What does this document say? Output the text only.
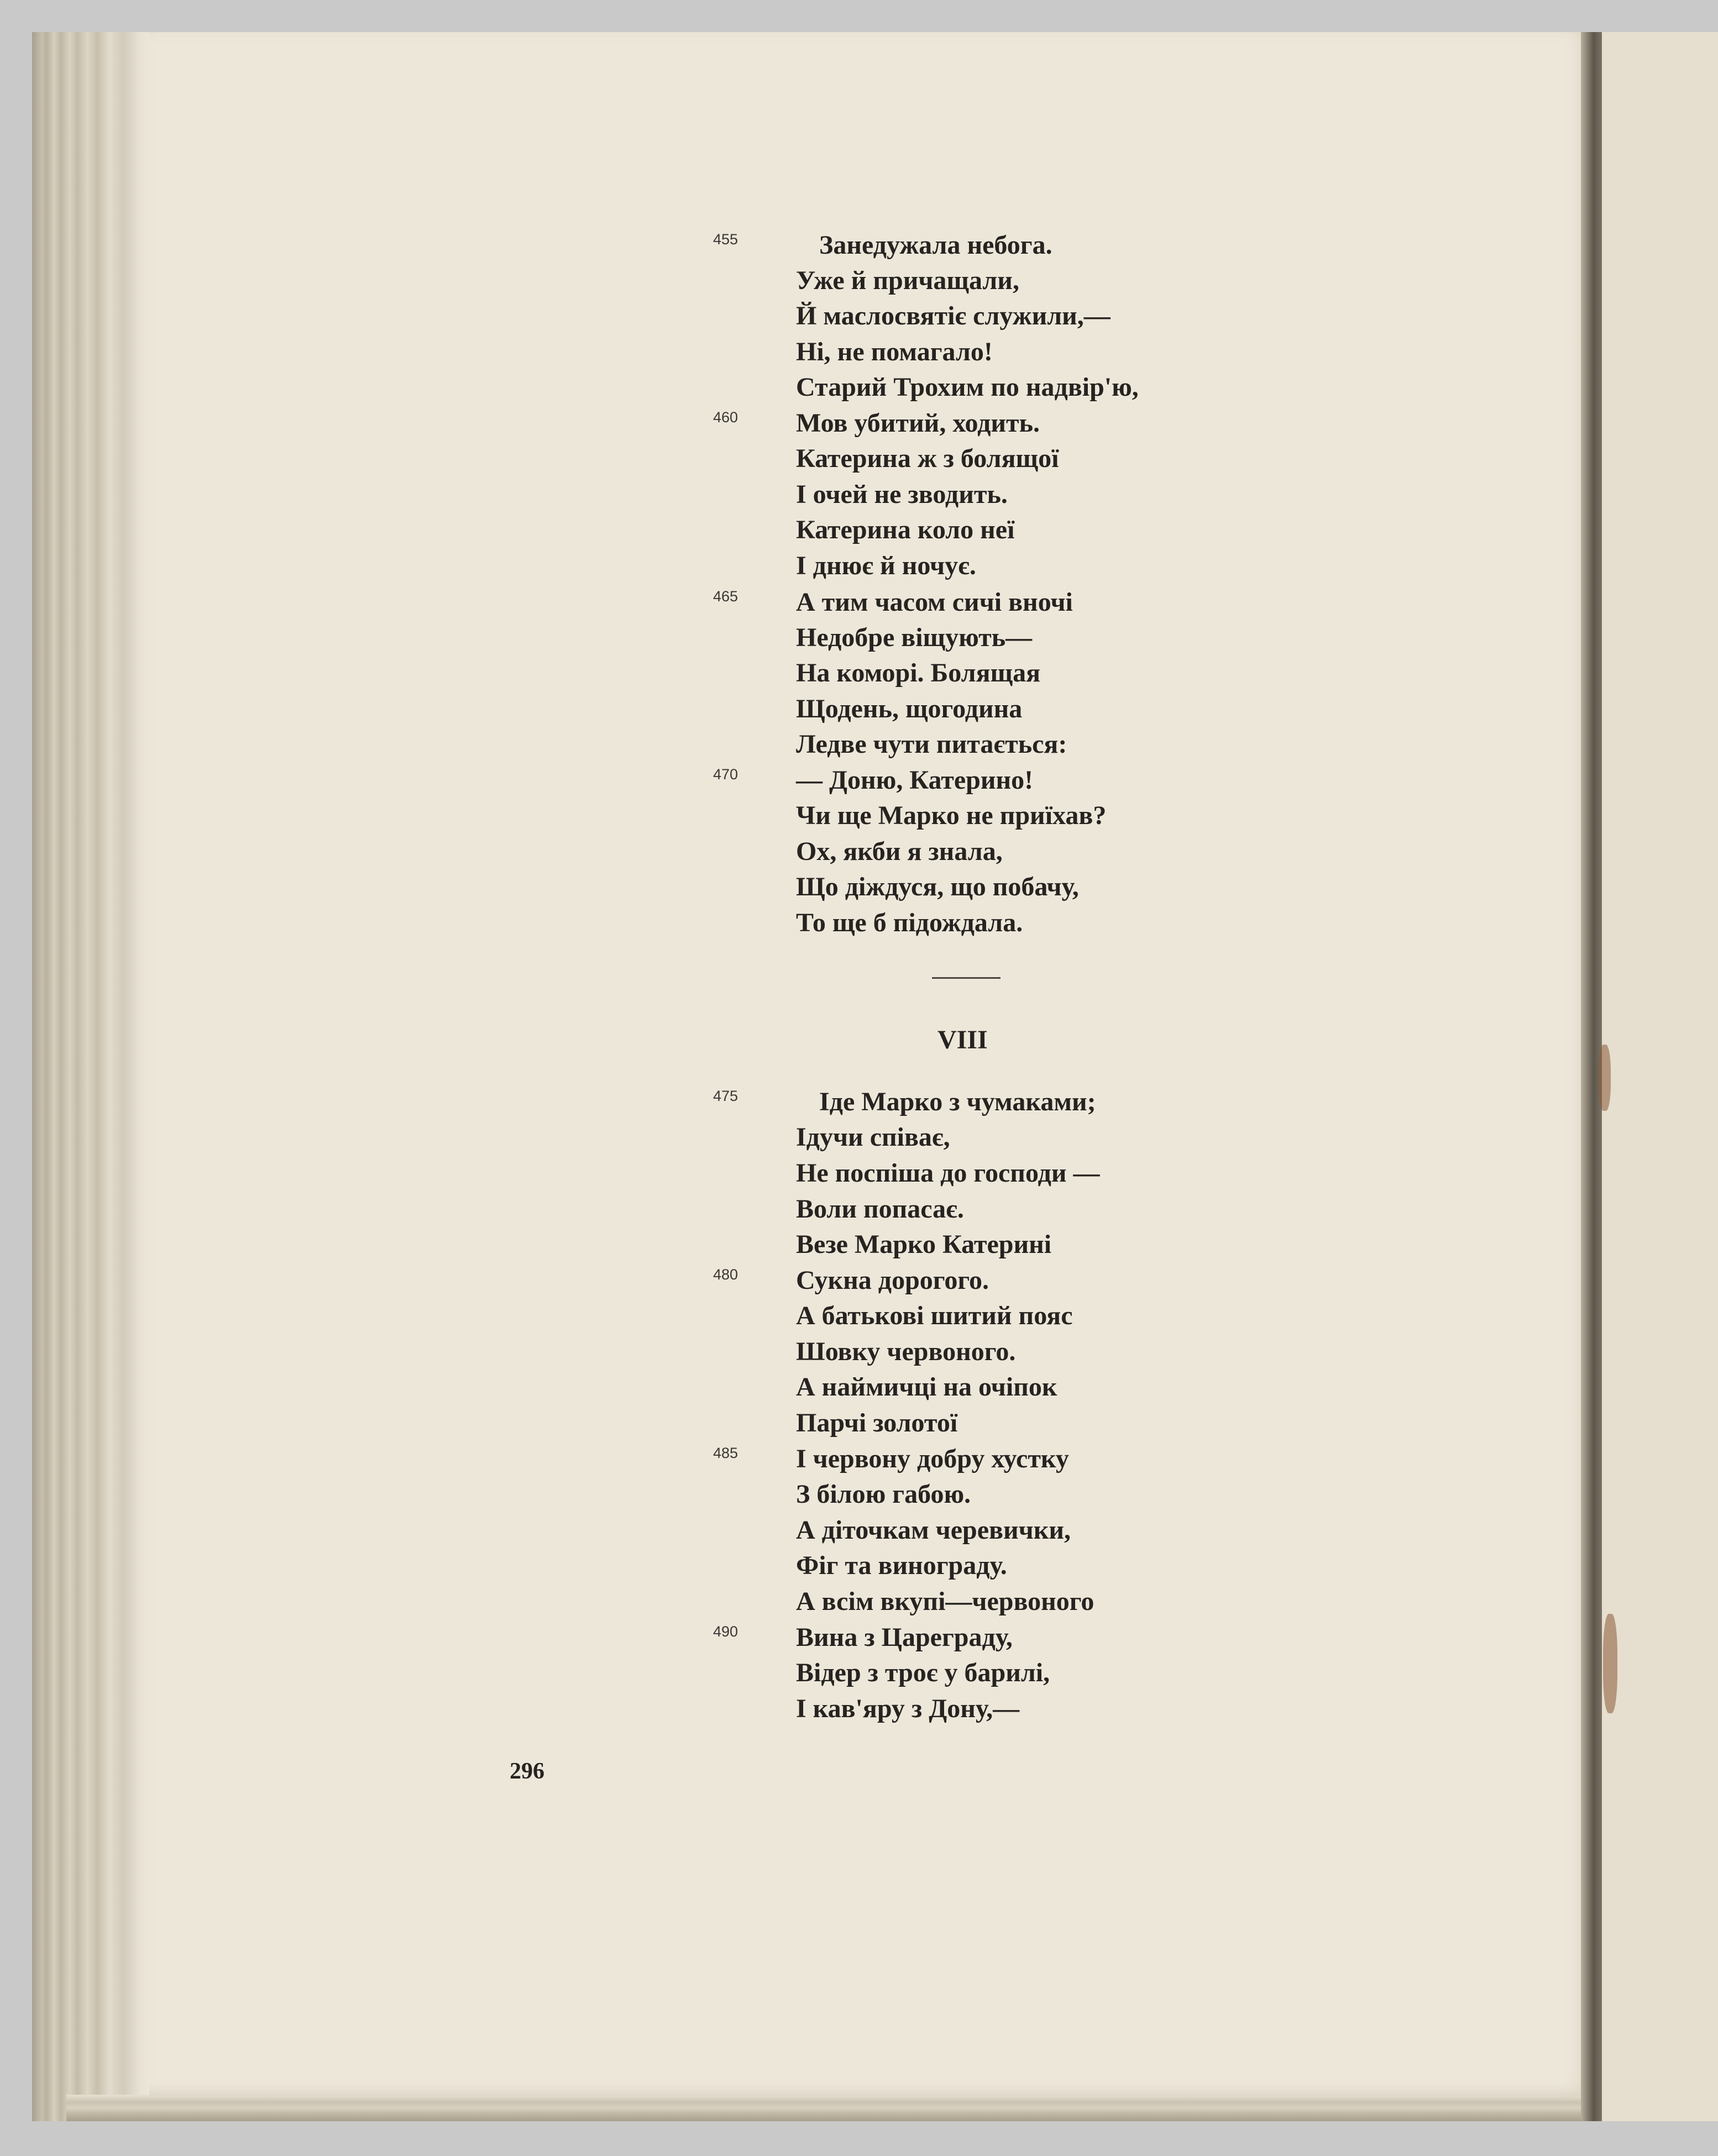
455	Занедужала небога.
Уже й причащали,
Й маслосвятіє служили,—
Ні, не помагало!
Старий Трохим по надвір'ю,
460	Мов убитий, ходить.
Катерина ж з болящої
І очей не зводить.
Катерина коло неї
І днює й ночує.
465	А тим часом сичі вночі
Недобре віщують—
На коморі. Болящая
Щодень, щогодина
Ледве чути питається:
470	— Доню, Катерино!
Чи ще Марко не приїхав?
Ох, якби я знала,
Що діждуся, що побачу,
То ще б підождала.
VIII
475	Іде Марко з чумаками;
Ідучи співає,
Не поспіша до господи —
Воли попасає.
Везе Марко Катерині
480	Сукна дорогого.
А батькові шитий пояс
Шовку червоного.
А наймичці на очіпок
Парчі золотої
485	І червону добру хустку
З білою габою.
А діточкам черевички,
Фіг та винограду.
А всім вкупі—червоного
490	Вина з Цареграду,
Відер з троє у барилі,
І кав'яру з Дону,—
296
